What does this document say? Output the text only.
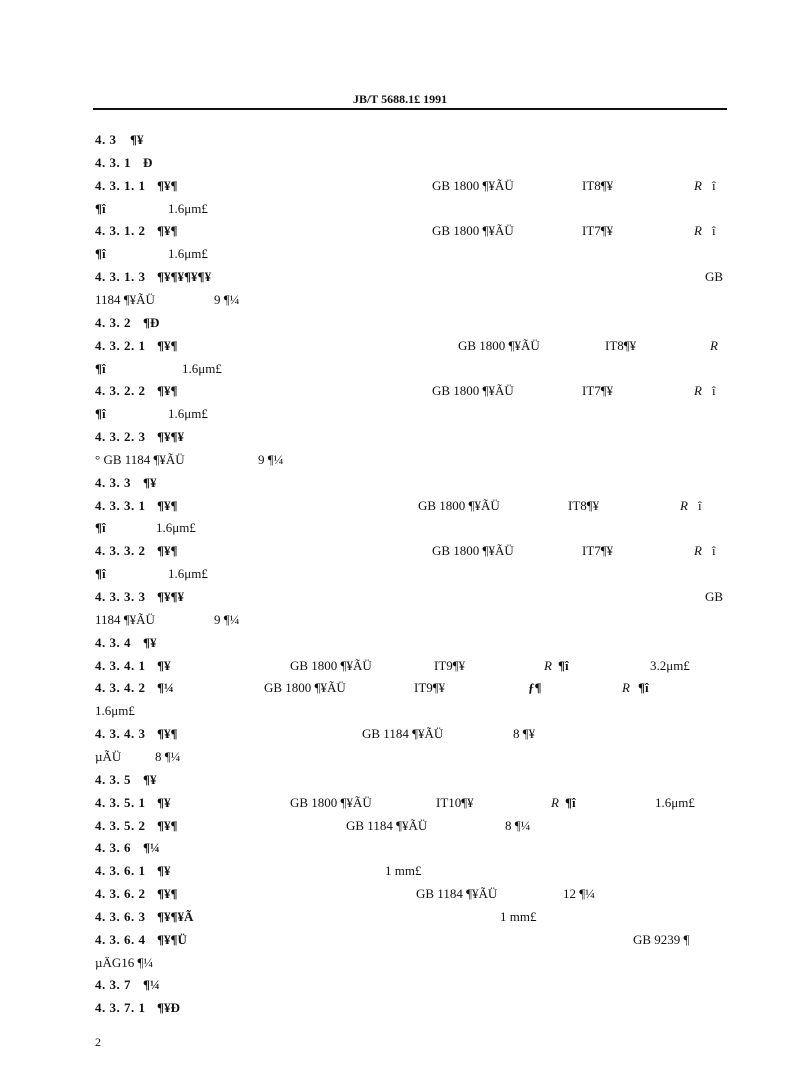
JB/T 5688.1£ 1991
4. 3 ¶¥
4. 3. 1 Ð
4. 3. 1. 1 ¶¥¶	GB 1800 ¶¥ÃÜ	IT8¶¥	R î
¶î	1.6μm£
4. 3. 1. 2 ¶¥¶	GB 1800 ¶¥ÃÜ	IT7¶¥	R î
¶î	1.6μm£
4. 3. 1. 3 ¶¥¶¥¶¥¶¥	GB
1184 ¶¥ÃÜ	9 ¶¼
4. 3. 2 ¶Ð
4. 3. 2. 1 ¶¥¶	GB 1800 ¶¥ÃÜ	IT8¶¥	R
¶î	1.6μm£
4. 3. 2. 2 ¶¥¶	GB 1800 ¶¥ÃÜ	IT7¶¥	R î
¶î	1.6μm£
4. 3. 2. 3 ¶¥¶¥
° GB 1184 ¶¥ÃÜ	9 ¶¼
4. 3. 3 ¶¥
4. 3. 3. 1 ¶¥¶	GB 1800 ¶¥ÃÜ	IT8¶¥	R î
¶î	1.6μm£
4. 3. 3. 2 ¶¥¶	GB 1800 ¶¥ÃÜ	IT7¶¥	R î
¶î	1.6μm£
4. 3. 3. 3 ¶¥¶¥	GB
1184 ¶¥ÃÜ	9 ¶¼
4. 3. 4 ¶¥
4. 3. 4. 1 ¶¥	GB 1800 ¶¥ÃÜ	IT9¶¥	R ¶î	3.2μm£
4. 3. 4. 2 ¶¼	GB 1800 ¶¥ÃÜ	IT9¶¥	ƒ¶	R ¶î
1.6μm£
4. 3. 4. 3 ¶¥¶	GB 1184 ¶¥ÃÜ	8 ¶¥
µÃÜ	8 ¶¼
4. 3. 5 ¶¥
4. 3. 5. 1 ¶¥	GB 1800 ¶¥ÃÜ	IT10¶¥	R ¶î	1.6μm£
4. 3. 5. 2 ¶¥¶	GB 1184 ¶¥ÃÜ	8 ¶¼
4. 3. 6 ¶¼
4. 3. 6. 1 ¶¥	1 mm£
4. 3. 6. 2 ¶¥¶	GB 1184 ¶¥ÃÜ	12 ¶¼
4. 3. 6. 3 ¶¥¶¥Ã	1 mm£
4. 3. 6. 4 ¶¥¶Ü	GB 9239 ¶
µÄG16 ¶¼
4. 3. 7 ¶¼
4. 3. 7. 1 ¶¥Ð
2
